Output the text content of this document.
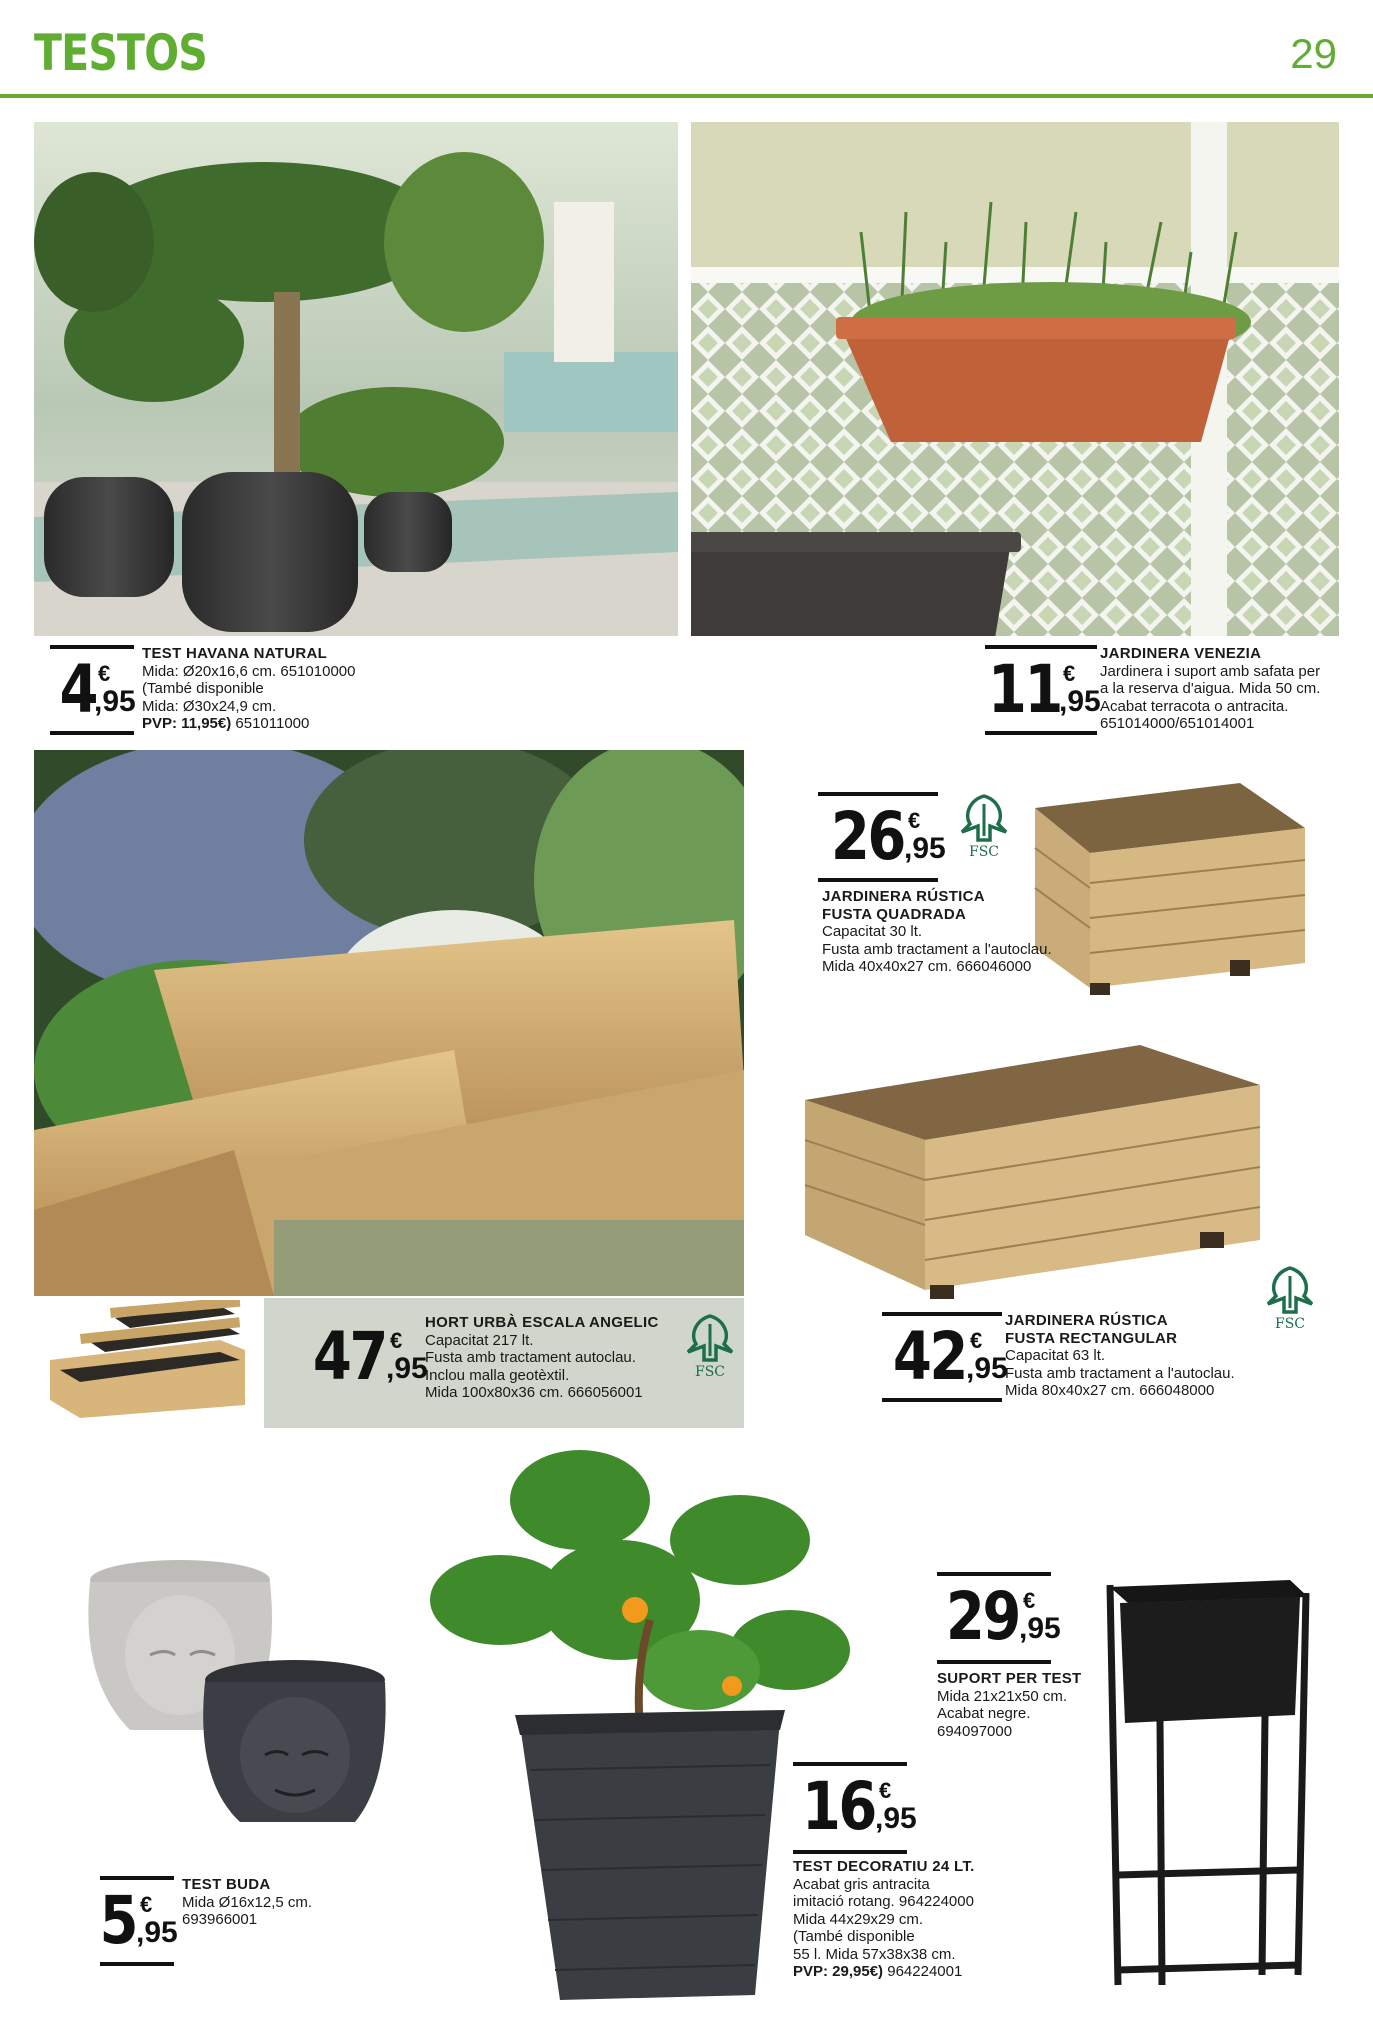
TESTOS	29
4 €
,95
TEST HAVANA NATURAL
Mida: Ø20x16,6 cm. 651010000
(També disponible
Mida: Ø30x24,9 cm.
PVP: 11,95€) 651011000	11 €
,95
JARDINERA VENEZIA
Jardinera i suport amb safata per
a la reserva d'aigua. Mida 50 cm.
Acabat terracota o antracita.
651014000/651014001
26 €
,95 FSC
JARDINERA RÚSTICA
FUSTA QUADRADA
Capacitat 30 lt.
Fusta amb tractament a l'autoclau.
Mida 40x40x27 cm. 666046000
47 €
,95
HORT URBÀ ESCALA ANGELIC
Capacitat 217 lt.
Fusta amb tractament autoclau.
Inclou malla geotèxtil.
Mida 100x80x36 cm. 666056001
FSC
FSC
42 €
,95
JARDINERA RÚSTICA
FUSTA RECTANGULAR
Capacitat 63 lt.
Fusta amb tractament a l'autoclau.
Mida 80x40x27 cm. 666048000
29 €
,95
SUPORT PER TEST
Mida 21x21x50 cm.
Acabat negre.
694097000
16 €
,95
TEST DECORATIU 24 LT.
Acabat gris antracita
imitació rotang. 964224000
Mida 44x29x29 cm.
(També disponible
55 l. Mida 57x38x38 cm.
PVP: 29,95€) 964224001
5 €
,95
TEST BUDA
Mida Ø16x12,5 cm.
693966001
